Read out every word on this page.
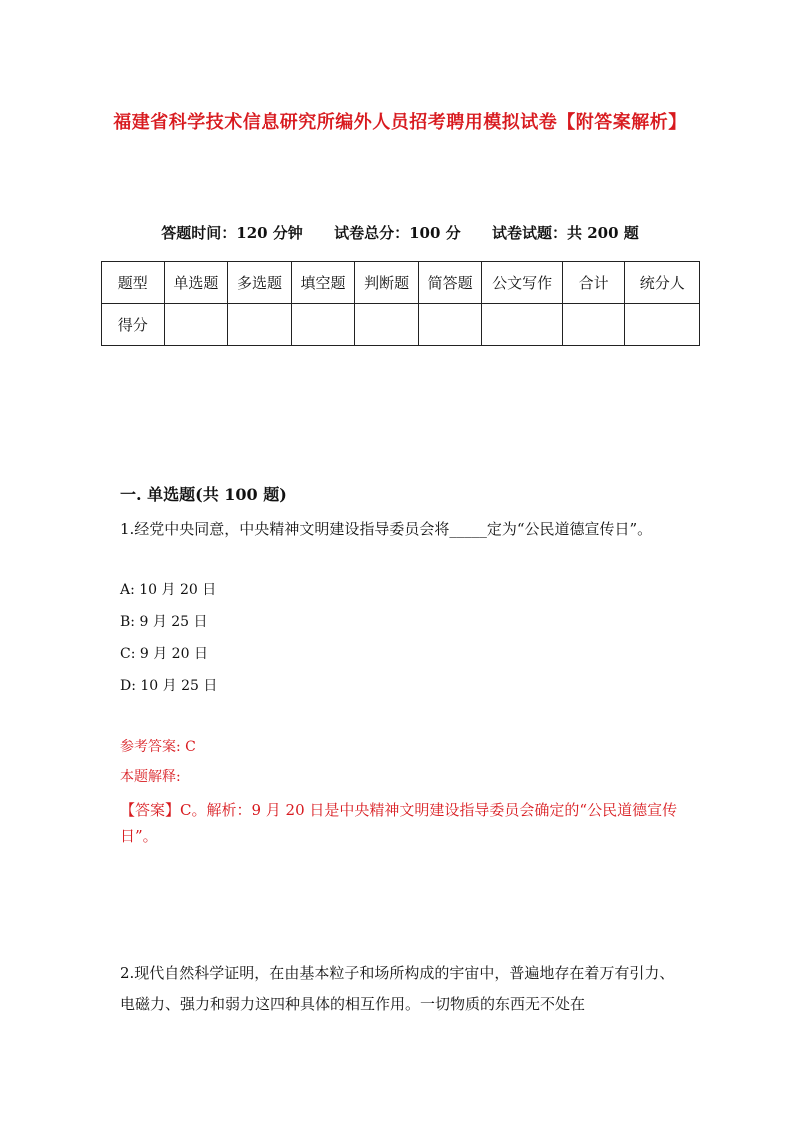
福建省科学技术信息研究所编外人员招考聘用模拟试卷【附答案解析】
答题时间：120 分钟      试卷总分：100 分      试卷试题：共 200 题
题型	单选题	多选题	填空题	判断题	简答题	公文写作	合计	统分人
得分								
一. 单选题(共 100 题)
1.经党中央同意，中央精神文明建设指导委员会将_____定为“公民道德宣传日”。
A: 10 月 20 日
B: 9 月 25 日
C: 9 月 20 日
D: 10 月 25 日
参考答案: C
本题解释:
【答案】C。解析：9 月 20 日是中央精神文明建设指导委员会确定的“公民道德宣传日”。
2.现代自然科学证明，在由基本粒子和场所构成的宇宙中，普遍地存在着万有引力、电磁力、强力和弱力这四种具体的相互作用。一切物质的东西无不处在
